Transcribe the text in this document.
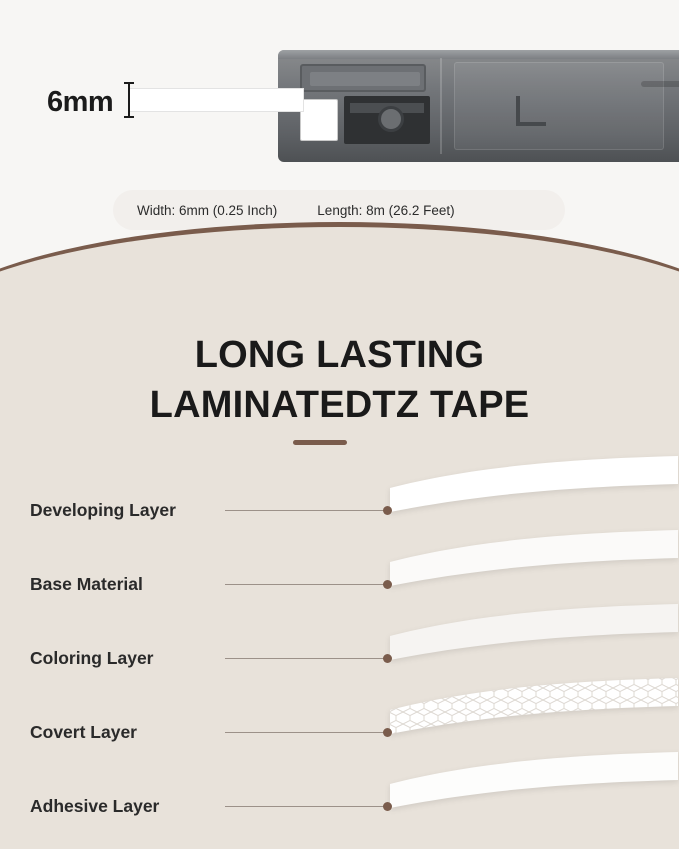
6mm
Width: 6mm (0.25 Inch)	Length: 8m (26.2 Feet)
LONG LASTING
LAMINATEDTZ TAPE
Developing Layer
Base Material
Coloring Layer
Covert Layer
Adhesive Layer
